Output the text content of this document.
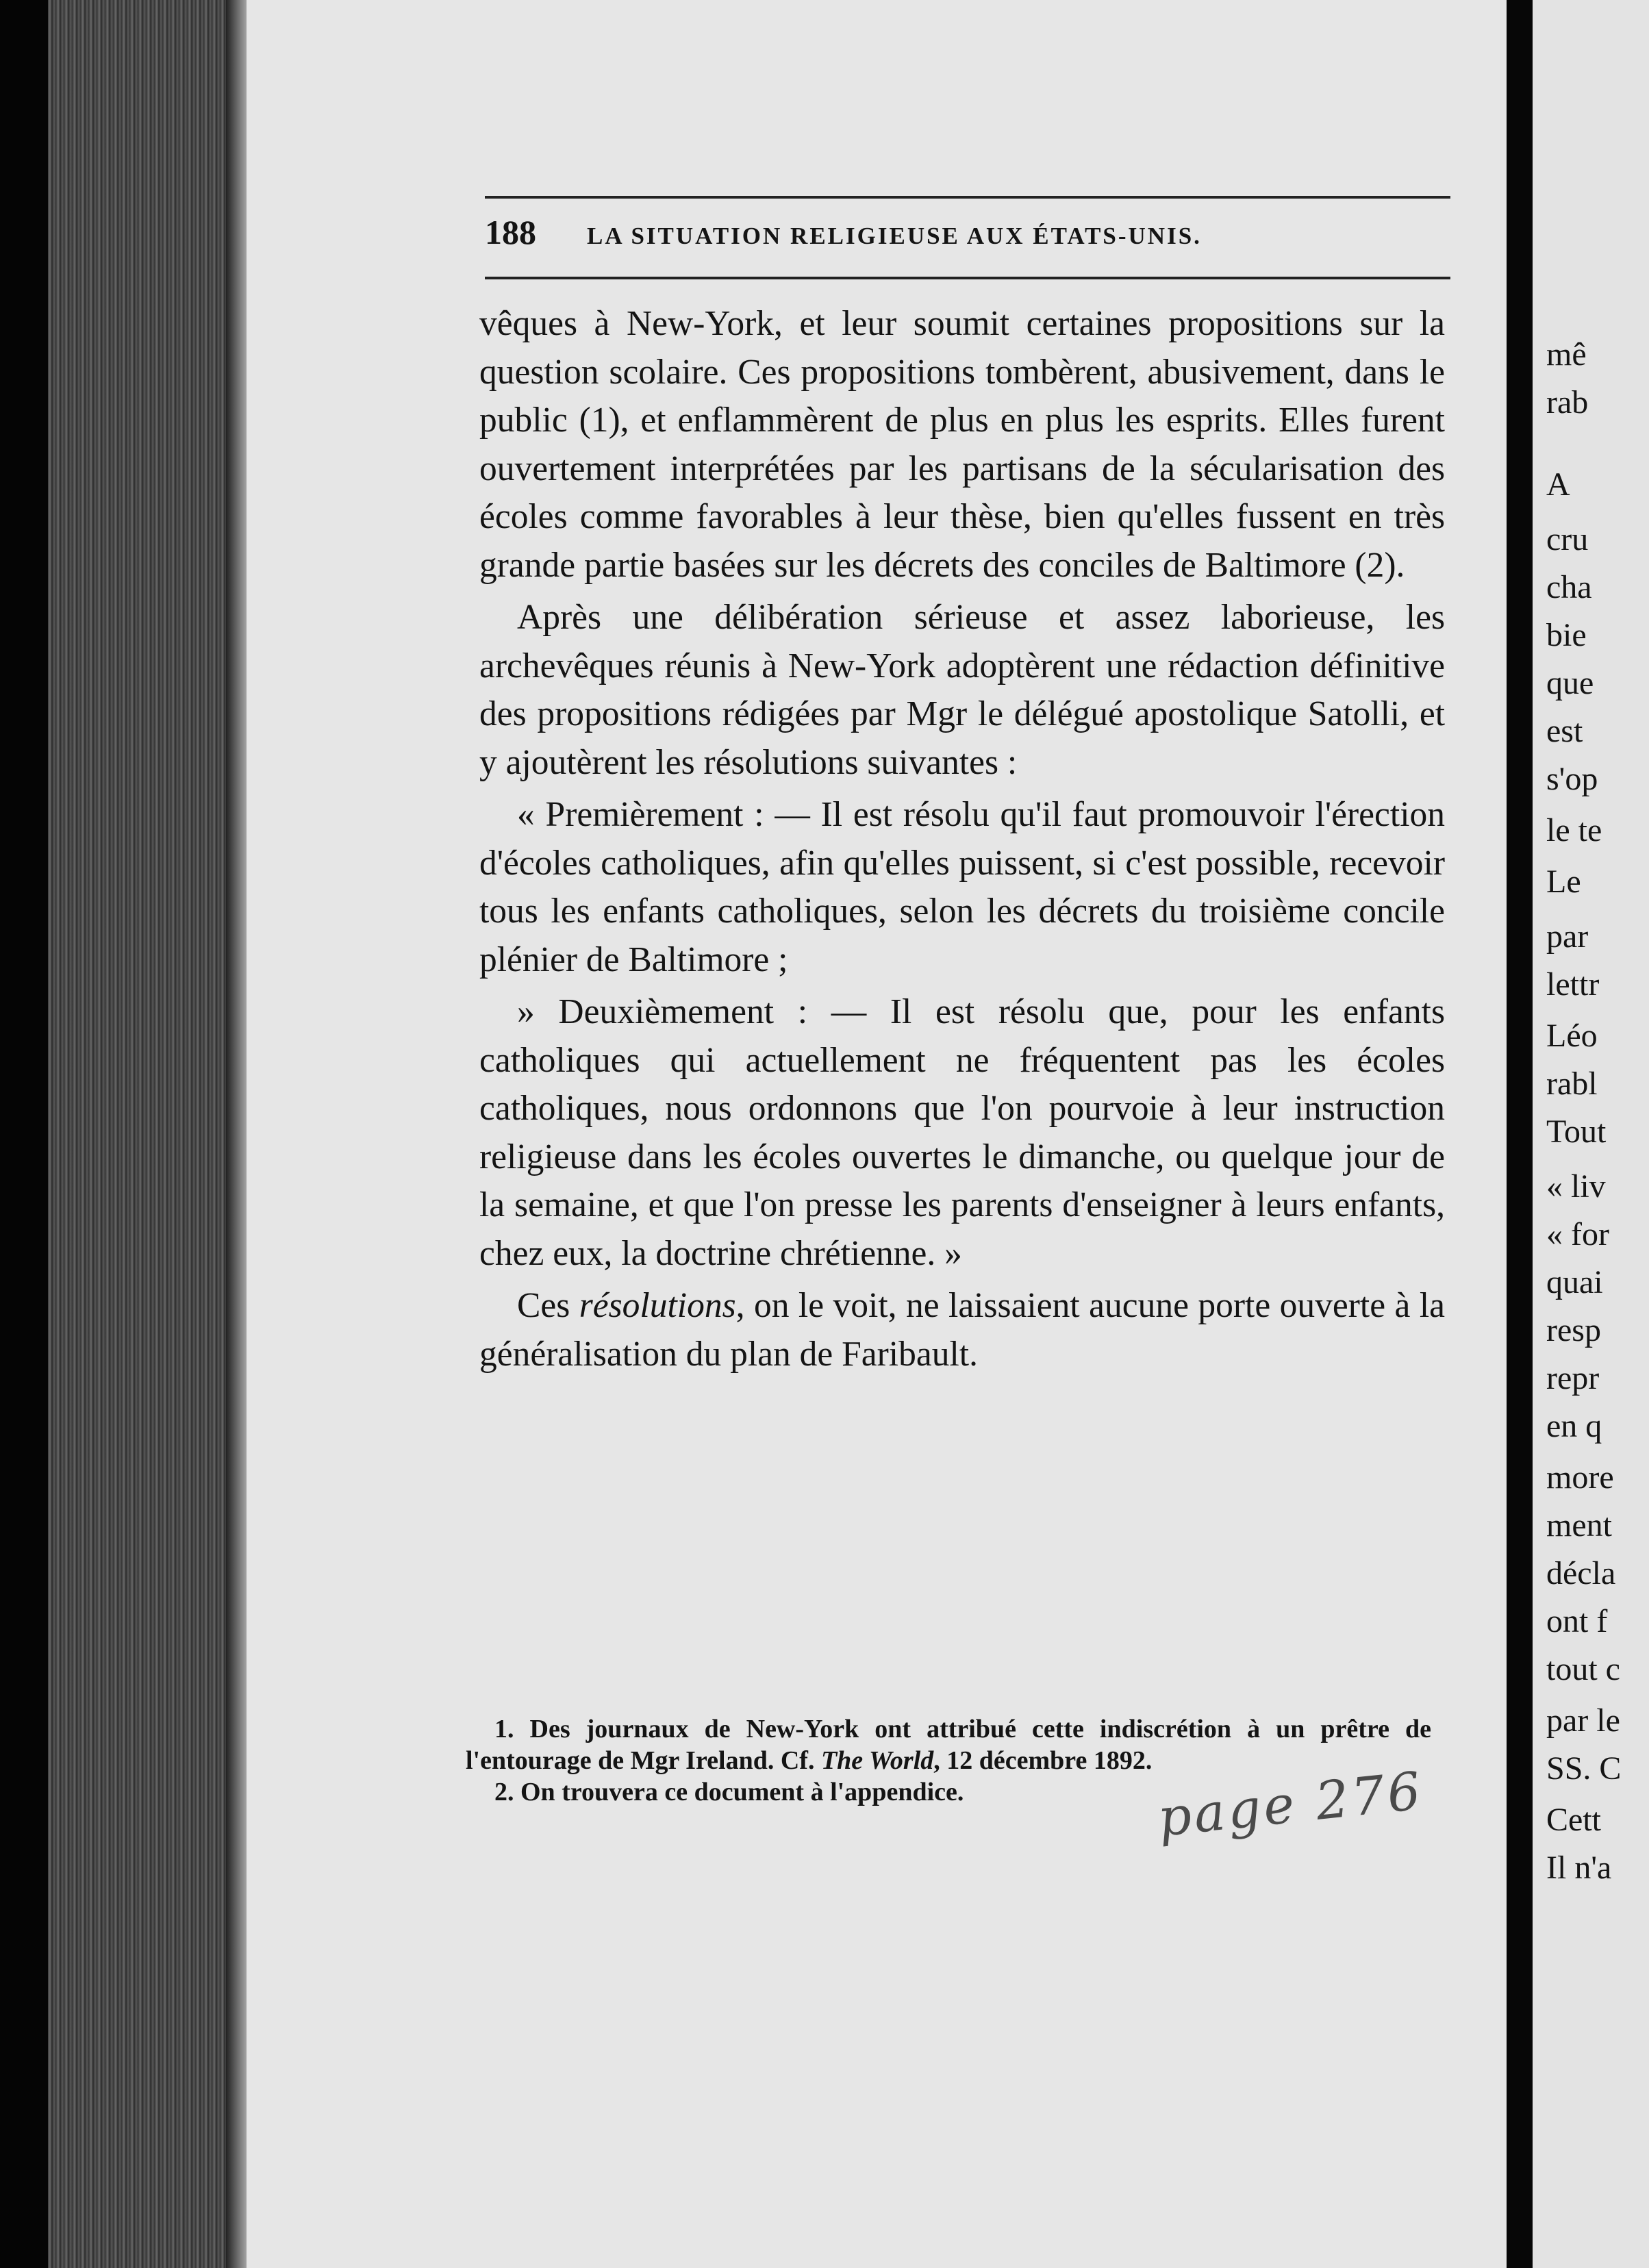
188 LA SITUATION RELIGIEUSE AUX ÉTATS-UNIS.

vêques à New-York, et leur soumit certaines propositions sur la question scolaire. Ces propositions tombèrent, abusivement, dans le public (1), et enflammèrent de plus en plus les esprits. Elles furent ouvertement interprétées par les partisans de la sécularisation des écoles comme favorables à leur thèse, bien qu'elles fussent en très grande partie basées sur les décrets des conciles de Baltimore (2).

Après une délibération sérieuse et assez laborieuse, les archevêques réunis à New-York adoptèrent une rédaction définitive des propositions rédigées par Mgr le délégué apostolique Satolli, et y ajoutèrent les résolutions suivantes :

« Premièrement : — Il est résolu qu'il faut promouvoir l'érection d'écoles catholiques, afin qu'elles puissent, si c'est possible, recevoir tous les enfants catholiques, selon les décrets du troisième concile plénier de Baltimore ;

» Deuxièmement : — Il est résolu que, pour les enfants catholiques qui actuellement ne fréquentent pas les écoles catholiques, nous ordonnons que l'on pourvoie à leur instruction religieuse dans les écoles ouvertes le dimanche, ou quelque jour de la semaine, et que l'on presse les parents d'enseigner à leurs enfants, chez eux, la doctrine chrétienne. »

Ces résolutions, on le voit, ne laissaient aucune porte ouverte à la généralisation du plan de Faribault.

1. Des journaux de New-York ont attribué cette indiscrétion à un prêtre de l'entourage de Mgr Ireland. Cf. The World, 12 décembre 1892.

2. On trouvera ce document à l'appendice.	page 276
mê
rab
A
cru
cha
bie
que
est
s'op
le te
Le
par
lettr
Léo
rabl
Tout
« liv
« for
quai
resp
repr
en q
more
ment
décla
ont f
tout c
par le
SS. C
Cett
Il n'a
